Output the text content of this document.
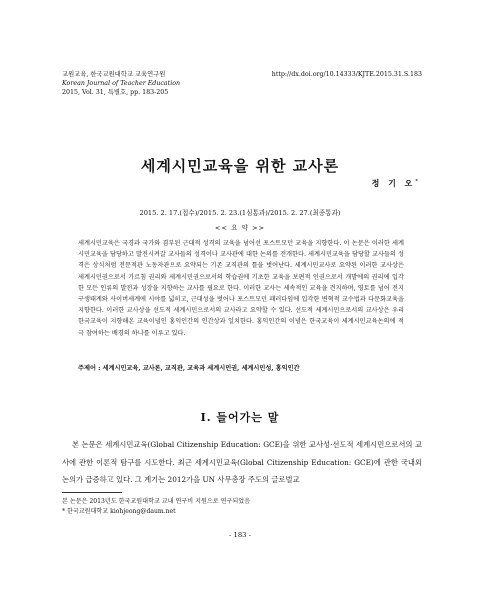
교원교육, 한국교원대학교 교육연구원
Korean Journal of Teacher Education
2015, Vol. 31, 특별호, pp. 183-205
http://dx.doi.org/10.14333/KJTE.2015.31.S.183
세계시민교육을 위한 교사론
정 기 오*
2015. 2. 17.(접수)/2015. 2. 23.(1심통과)/2015. 2. 27.(최종통과)
<< 요 약 >>

세계시민교육은 국경과 국가와 겸부된 근대적 성격의 교육을 넘어선 포스트모던 교육을 지향한다. 이 논문은 이러한 세계시민교육을 담당하고 발전시켜갈 교사들의 성격이나 교사관에 대한 논의를 전개한다. 세계시민교육을 담당할 교사들의 성격은 상식처럼 전문적관 노동자관으로 요약되는 기존 교직관의 틀을 벗어난다. 세계시민교사로 요약된 이러한 교사상은 세계시민권으로서 가르침 권리와 세계시민권으로서의 학습권에 기초한 교육을 보편적 인권으로서 개발에의 권리에 입각한 모든 인류의 발전과 성장을 지향하는 교사를 필요로 한다. 이러한 교사는 세속적인 교육을 견지하며, 영토를 넘어 전지구생태계와 사이버세계에 시야를 넓히고, 근대성을 벗어나 포스트모던 패러다임에 입각한 변혁적 교수법과 다문화교육을 지향한다. 이러한 교사상을 선도적 세계시민으로서의 교사라고 요약할 수 있다. 선도적 세계시민으로서의 교사상은 우리 한국교육이 지향해온 교육이념인 홍익인간의 인간상과 일치한다. 홍익인간의 이념은 한국교육이 세계시민교육논의에 적극 참여하는 배경의 하나를 이루고 있다.

주제어 : 세계시민교육, 교사론, 교직관, 교육과 세계시민권, 세계시민성, 홍익인간
Ⅰ. 들어가는 말

본 논문은 세계시민교육(Global Citizenship Education: GCE)을 위한 교사성·선도적 세계시민으로서의 교사에 관한 이론적 탐구를 시도한다. 최근 세계시민교육(Global Citizenship Education: GCE)에 관한 국내외 논의가 급증하고 있다. 그 계기는 2012가을 UN 사무총장 주도의 글로벌교

본 논문은 2013년도 한국교원대학교 교내 연구비 지원으로 연구되었음
* 한국교원대학교 kiohjeong@daum.net
- 183 -
